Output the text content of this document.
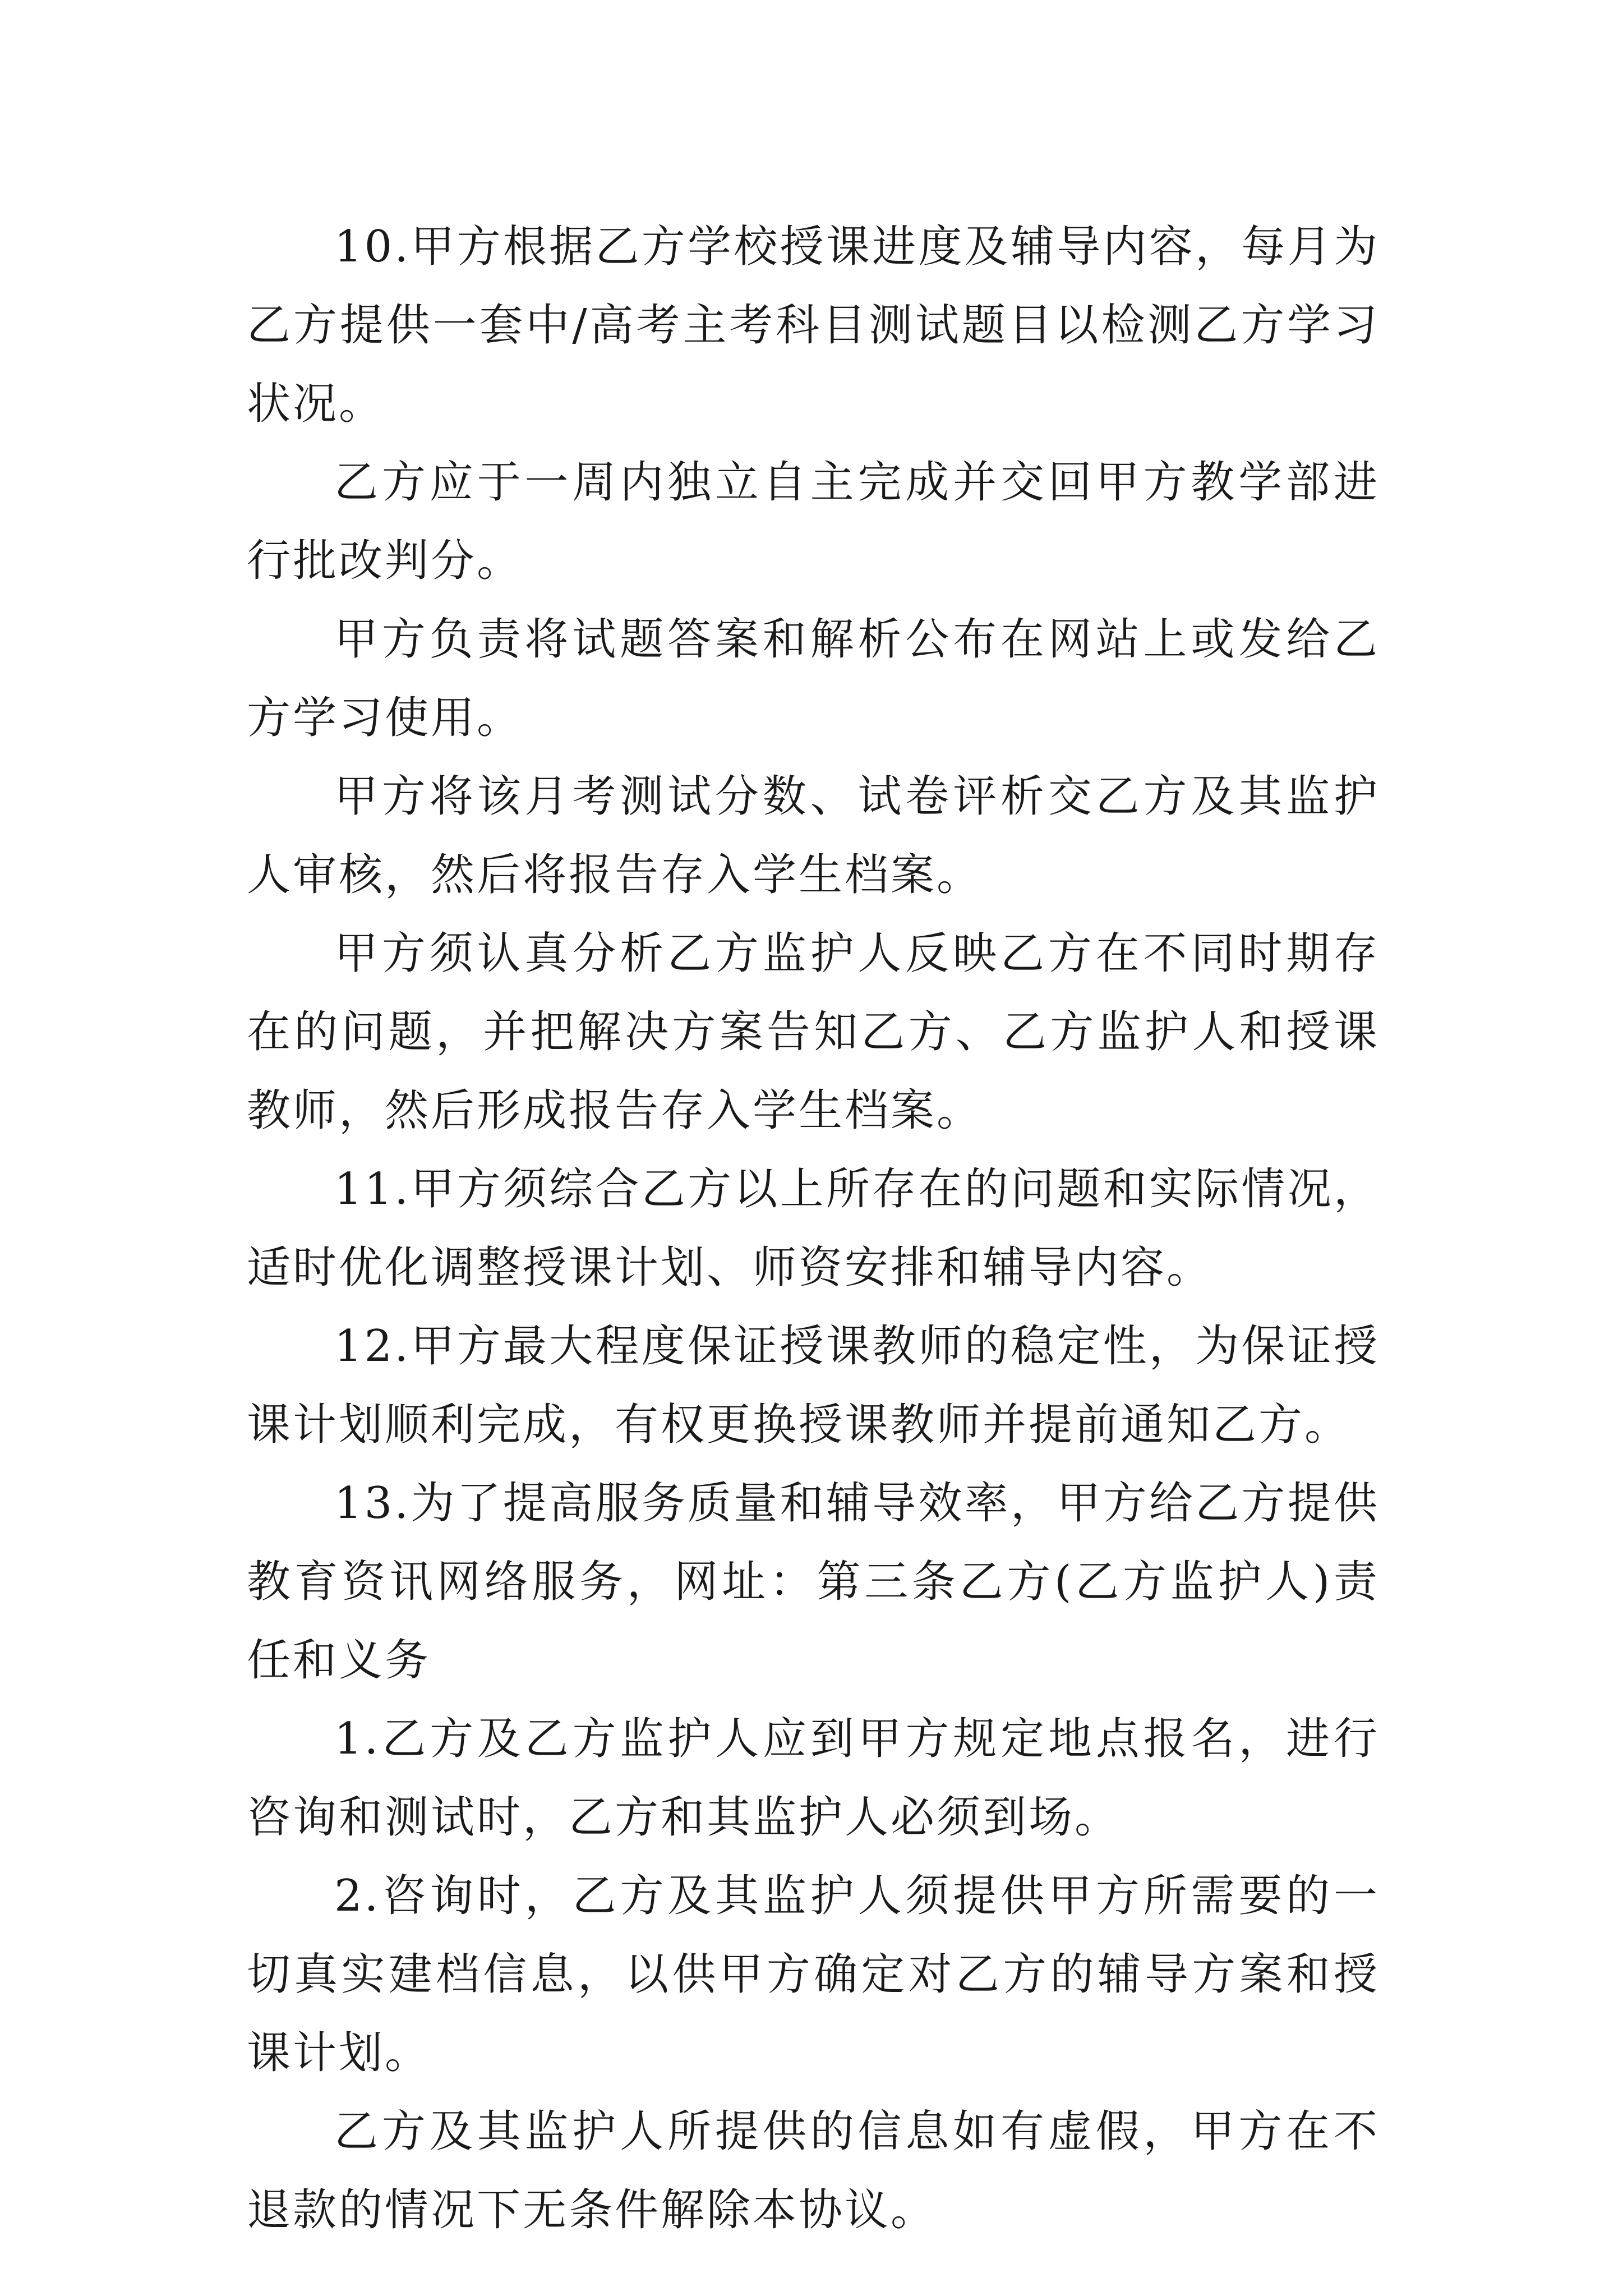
10.甲方根据乙方学校授课进度及辅导内容，每月为乙方提供一套中/高考主考科目测试题目以检测乙方学习状况。

乙方应于一周内独立自主完成并交回甲方教学部进行批改判分。

甲方负责将试题答案和解析公布在网站上或发给乙方学习使用。

甲方将该月考测试分数、试卷评析交乙方及其监护人审核，然后将报告存入学生档案。

甲方须认真分析乙方监护人反映乙方在不同时期存在的问题，并把解决方案告知乙方、乙方监护人和授课教师，然后形成报告存入学生档案。

11.甲方须综合乙方以上所存在的问题和实际情况，适时优化调整授课计划、师资安排和辅导内容。

12.甲方最大程度保证授课教师的稳定性，为保证授课计划顺利完成，有权更换授课教师并提前通知乙方。

13.为了提高服务质量和辅导效率，甲方给乙方提供教育资讯网络服务，网址：第三条乙方(乙方监护人)责任和义务

1.乙方及乙方监护人应到甲方规定地点报名，进行咨询和测试时，乙方和其监护人必须到场。

2.咨询时，乙方及其监护人须提供甲方所需要的一切真实建档信息，以供甲方确定对乙方的辅导方案和授课计划。

乙方及其监护人所提供的信息如有虚假，甲方在不退款的情况下无条件解除本协议。
